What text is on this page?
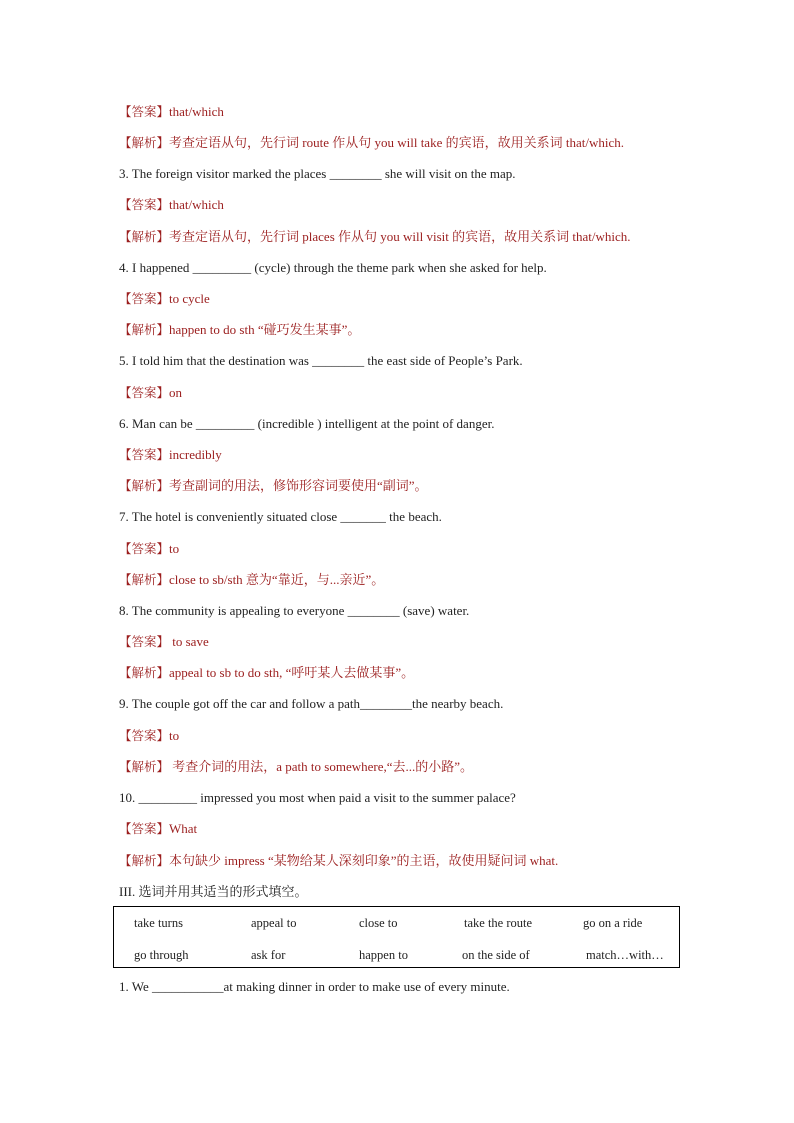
【答案】that/which
【解析】考查定语从句，先行词 route 作从句 you will take 的宾语，故用关系词 that/which.
3. The foreign visitor marked the places ________ she will visit on the map.
【答案】that/which
【解析】考查定语从句，先行词 places 作从句 you will visit 的宾语，故用关系词 that/which.
4. I happened _________ (cycle) through the theme park when she asked for help.
【答案】to cycle
【解析】happen to do sth “碰巧发生某事”。
5. I told him that the destination was ________ the east side of People’s Park.
【答案】on
6. Man can be _________ (incredible ) intelligent at the point of danger.
【答案】incredibly
【解析】考查副词的用法，修饰形容词要使用“副词”。
7. The hotel is conveniently situated close _______ the beach.
【答案】to
【解析】close to sb/sth 意为“靠近，与...亲近”。
8. The community is appealing to everyone ________ (save) water.
【答案】 to save
【解析】appeal to sb to do sth, “呼吁某人去做某事”。
9. The couple got off the car and follow a path________the nearby beach.
【答案】to
【解析】 考查介词的用法，a path to somewhere,“去...的小路”。
10. _________ impressed you most when paid a visit to the summer palace?
【答案】What
【解析】本句缺少 impress “某物给某人深刻印象”的主语，故使用疑问词 what.
III. 选词并用其适当的形式填空。
take turns	appeal to	close to	take the route	go on a ride
go through	ask for	happen to	on the side of	match…with…
1. We ___________at making dinner in order to make use of every minute.
